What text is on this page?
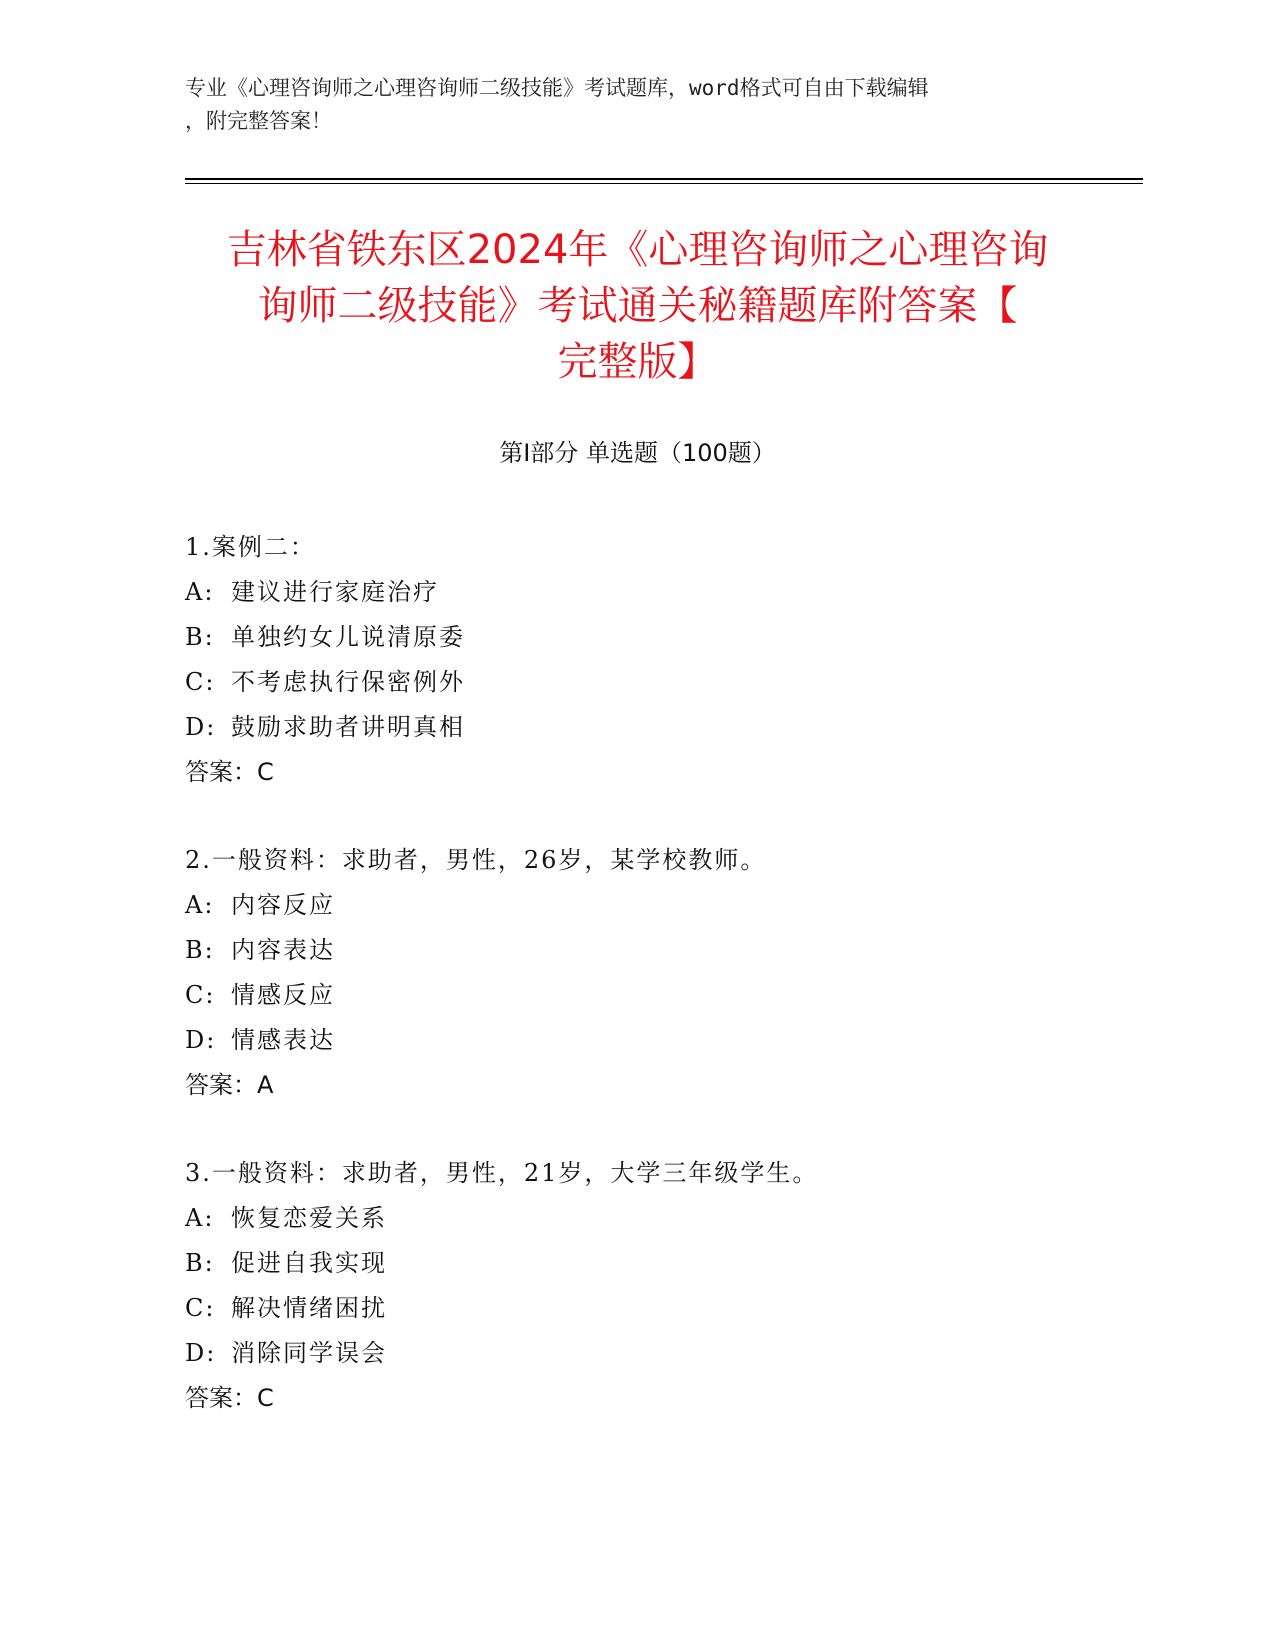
专业《心理咨询师之心理咨询师二级技能》考试题库，word格式可自由下载编辑
，附完整答案！
吉林省铁东区2024年《心理咨询师之心理咨询
询师二级技能》考试通关秘籍题库附答案【
完整版】
第Ⅰ部分 单选题（100题）
1.案例二：
A: 建议进行家庭治疗
B: 单独约女儿说清原委
C: 不考虑执行保密例外
D: 鼓励求助者讲明真相
答案：C
2.一般资料：求助者，男性，26岁，某学校教师。
A: 内容反应
B: 内容表达
C: 情感反应
D: 情感表达
答案：A
3.一般资料：求助者，男性，21岁，大学三年级学生。
A: 恢复恋爱关系
B: 促进自我实现
C: 解决情绪困扰
D: 消除同学误会
答案：C
